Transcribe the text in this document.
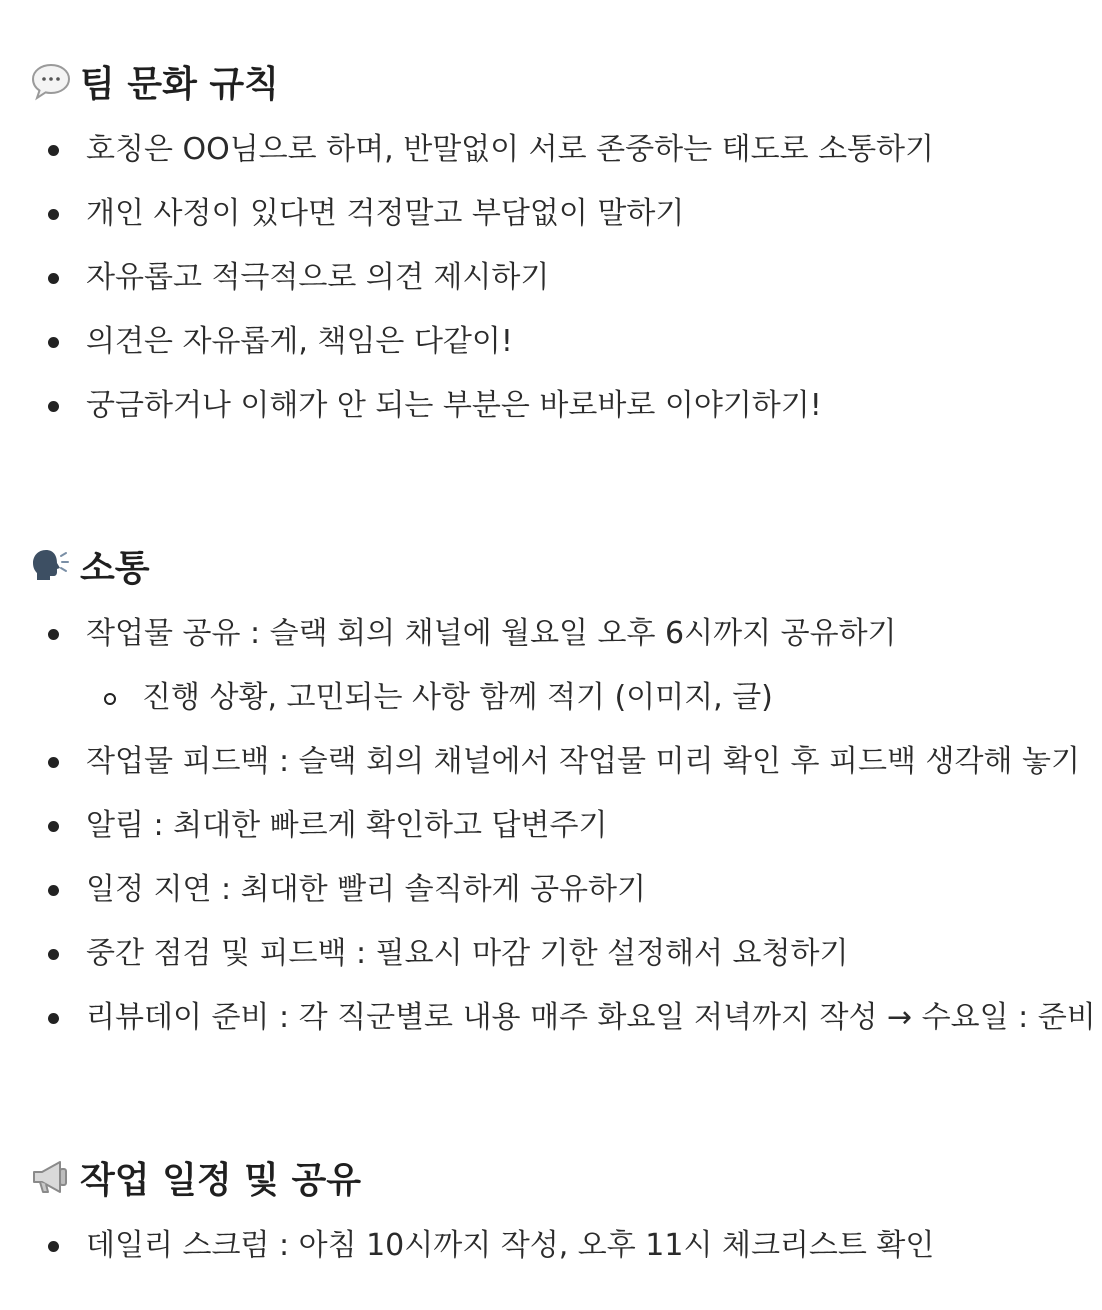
팀 문화 규칙
호칭은 OO님으로 하며, 반말없이 서로 존중하는 태도로 소통하기
개인 사정이 있다면 걱정말고 부담없이 말하기
자유롭고 적극적으로 의견 제시하기
의견은 자유롭게, 책임은 다같이!
궁금하거나 이해가 안 되는 부분은 바로바로 이야기하기!
소통
작업물 공유 : 슬랙 회의 채널에 월요일 오후 6시까지 공유하기
진행 상황, 고민되는 사항 함께 적기 (이미지, 글)
작업물 피드백 : 슬랙 회의 채널에서 작업물 미리 확인 후 피드백 생각해 놓기
알림 : 최대한 빠르게 확인하고 답변주기
일정 지연 : 최대한 빨리 솔직하게 공유하기
중간 점검 및 피드백 : 필요시 마감 기한 설정해서 요청하기
리뷰데이 준비 : 각 직군별로 내용 매주 화요일 저녁까지 작성 → 수요일 : 준비
작업 일정 및 공유
데일리 스크럼 : 아침 10시까지 작성, 오후 11시 체크리스트 확인
